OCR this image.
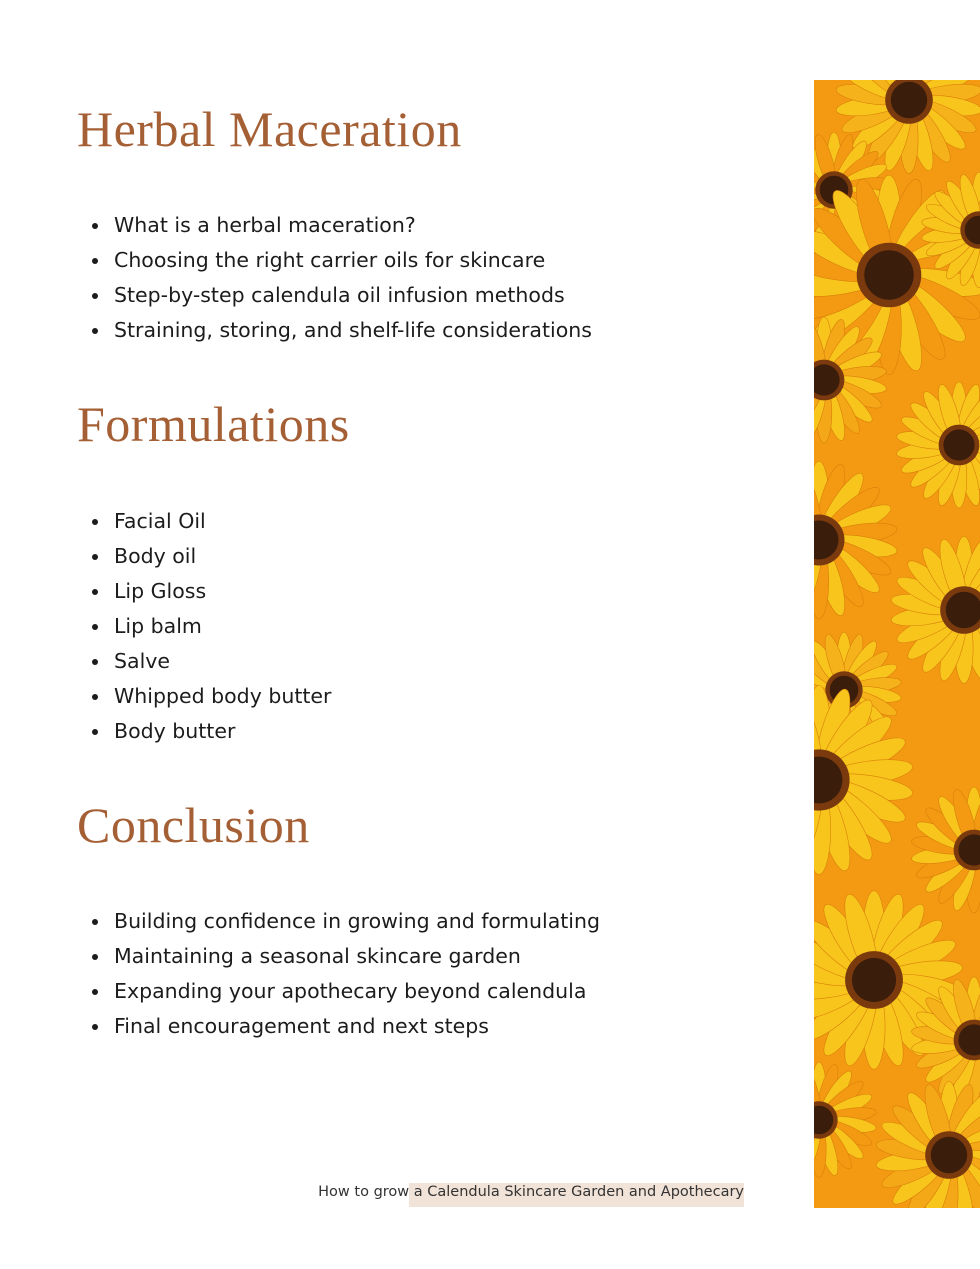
Herbal Maceration
What is a herbal maceration?
Choosing the right carrier oils for skincare
Step-by-step calendula oil infusion methods
Straining, storing, and shelf-life considerations
Formulations
Facial Oil
Body oil
Lip Gloss
Lip balm
Salve
Whipped body butter
Body butter
Conclusion
Building confidence in growing and formulating
Maintaining a seasonal skincare garden
Expanding your apothecary beyond calendula
Final encouragement and next steps
How to grow a Calendula Skincare Garden and Apothecary
